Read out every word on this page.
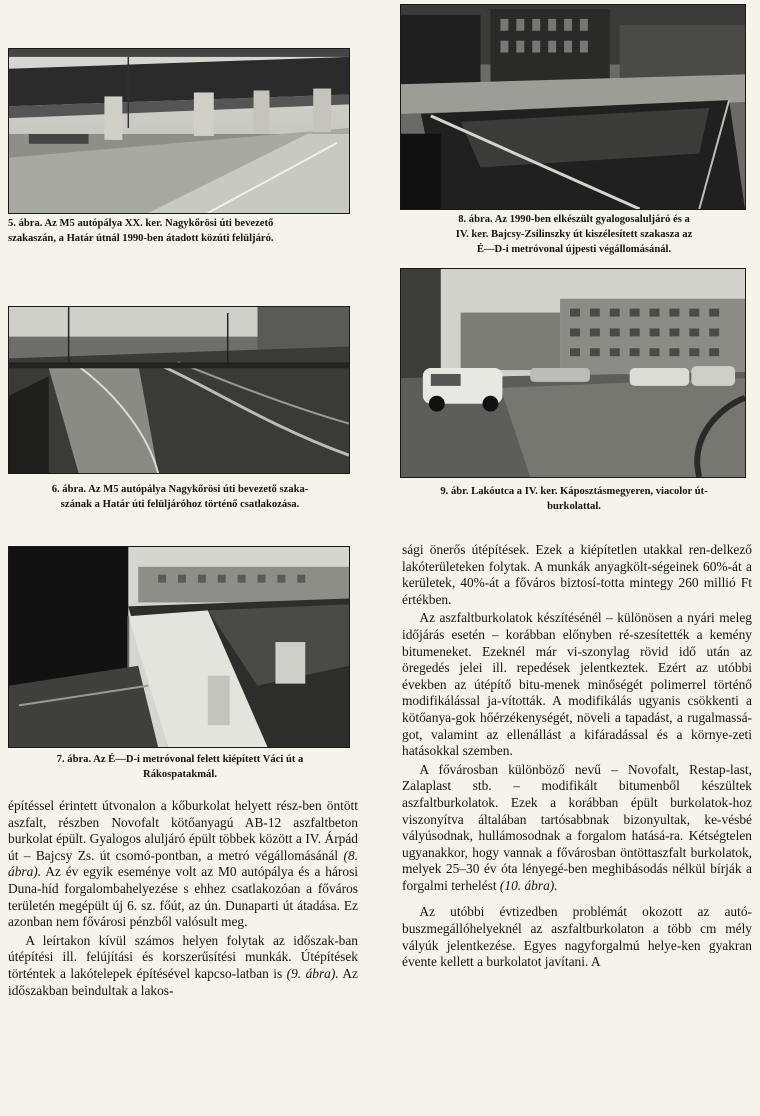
5. ábra. Az M5 autópálya XX. ker. Nagykőrösi úti bevezető
szakaszán, a Határ útnál 1990-ben átadott közúti felüljáró.
8. ábra. Az 1990-ben elkészült gyalogosaluljáró és a
IV. ker. Bajcsy-Zsilinszky út kiszélesített szakasza az
É—D-i metróvonal újpesti végállomásánál.
6. ábra. Az M5 autópálya Nagykőrösi úti bevezető szaka-
szának a Határ úti felüljáróhoz történő csatlakozása.
9. ábr. Lakóutca a IV. ker. Káposztásmegyeren, viacolor út-
burkolattal.
7. ábra. Az É—D-i metróvonal felett kiépített Váci út a
Rákospatakmál.

sági önerős útépítések. Ezek a kiépítetlen utakkal ren-delkező lakóterületeken folytak. A munkák anyagkölt-ségeinek 60%-át a kerületek, 40%-át a főváros biztosí-totta mintegy 260 millió Ft értékben.

Az aszfaltburkolatok készítésénél – különösen a nyári meleg időjárás esetén – korábban előnyben ré-szesítették a kemény bitumeneket. Ezeknél már vi-szonylag rövid idő után az öregedés jelei ill. repedések jelentkeztek. Ezért az utóbbi években az útépítő bitu-menek minőségét polimerrel történő modifikálással ja-vították. A modifikálás ugyanis csökkenti a kötőanya-gok hőérzékenységét, növeli a tapadást, a rugalmassá-got, valamint az ellenállást a kifáradással és a környe-zeti hatásokkal szemben.

A fővárosban különböző nevű – Novofalt, Restap-last, Zalaplast stb. – modifikált bitumenből készültek aszfaltburkolatok. Ezek a korábban épült burkolatok-hoz viszonyítva általában tartósabbnak bizonyultak, ke-vésbé vályúsodnak, hullámosodnak a forgalom hatásá-ra. Kétségtelen ugyanakkor, hogy vannak a fővárosban öntöttaszfalt burkolatok, melyek 25–30 év óta lényegé-ben meghibásodás nélkül bírják a forgalmi terhelést (10. ábra).

Az utóbbi évtizedben problémát okozott az autó-buszmegállóhelyeknél az aszfaltburkolaton a több cm mély vályúk jelentkezése. Egyes nagyforgalmú helye-ken gyakran évente kellett a burkolatot javítani. A

építéssel érintett útvonalon a kőburkolat helyett rész-ben öntött aszfalt, részben Novofalt kötőanyagú AB-12 aszfaltbeton burkolat épült. Gyalogos aluljáró épült többek között a IV. Árpád út – Bajcsy Zs. út csomó-pontban, a metró végállomásánál (8. ábra). Az év egyik eseménye volt az M0 autópálya és a hárosi Duna-híd forgalombahelyezése s ehhez csatlakozóan a főváros területén megépült új 6. sz. főút, az ún. Dunaparti út átadása. Ez azonban nem fővárosi pénzből valósult meg.

A leírtakon kívül számos helyen folytak az időszak-ban útépítési ill. felújítási és korszerűsítési munkák. Útépítések történtek a lakótelepek építésével kapcso-latban is (9. ábra). Az időszakban beindultak a lakos-
